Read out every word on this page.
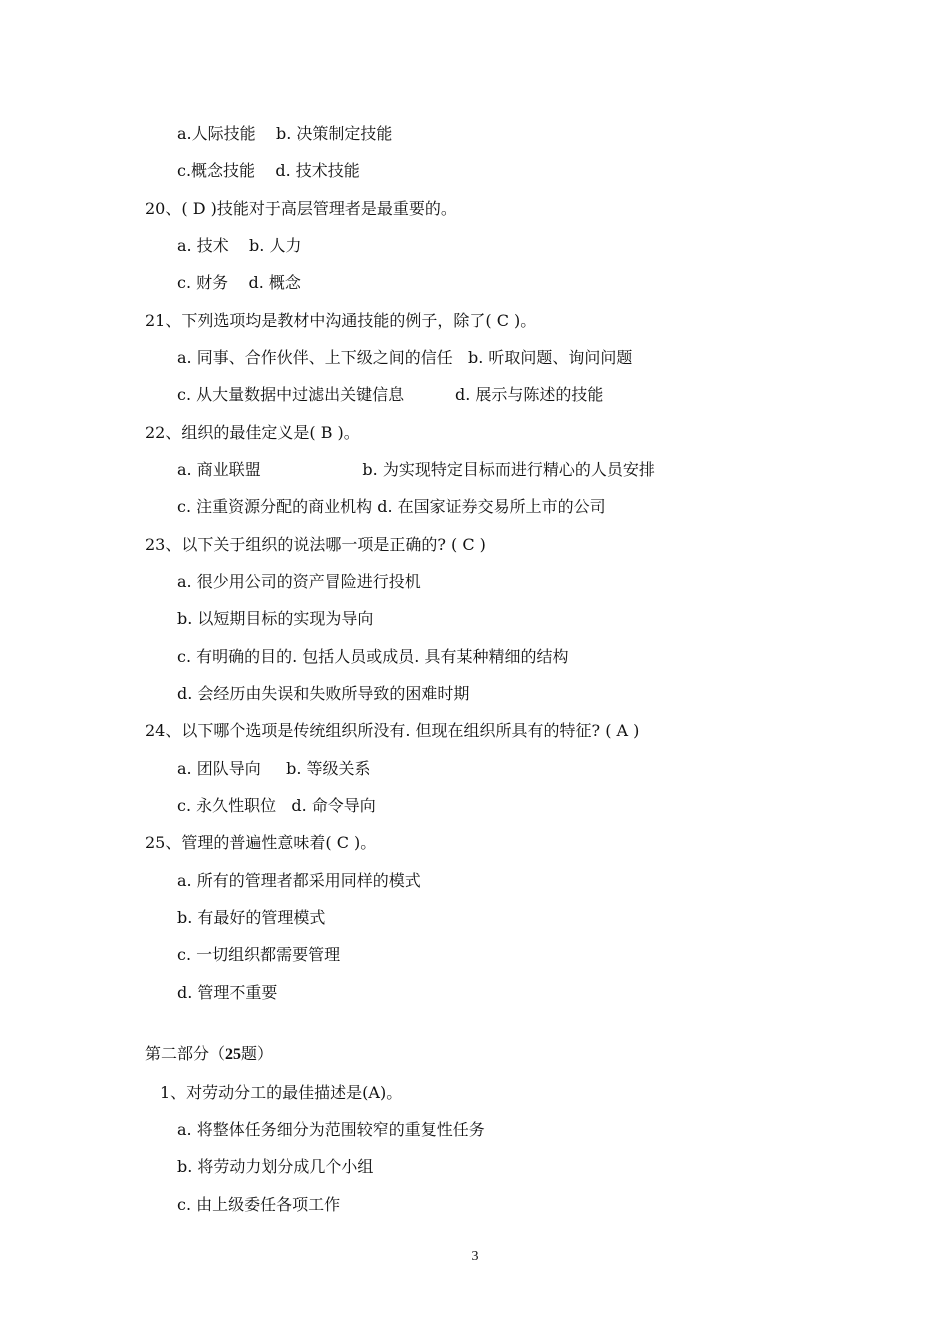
a.人际技能    b. 决策制定技能
c.概念技能    d. 技术技能
20、( D )技能对于高层管理者是最重要的。
a. 技术    b. 人力
c. 财务    d. 概念
21、下列选项均是教材中沟通技能的例子，除了( C )。
a. 同事、合作伙伴、上下级之间的信任   b. 听取问题、询问问题
c. 从大量数据中过滤出关键信息          d. 展示与陈述的技能
22、组织的最佳定义是( B )。
a. 商业联盟                    b. 为实现特定目标而进行精心的人员安排
c. 注重资源分配的商业机构 d. 在国家证券交易所上市的公司
23、以下关于组织的说法哪一项是正确的? ( C )
a. 很少用公司的资产冒险进行投机
b. 以短期目标的实现为导向
c. 有明确的目的. 包括人员或成员. 具有某种精细的结构
d. 会经历由失误和失败所导致的困难时期
24、以下哪个选项是传统组织所没有. 但现在组织所具有的特征? ( A )
a. 团队导向     b. 等级关系
c. 永久性职位   d. 命令导向
25、管理的普遍性意味着( C )。
a. 所有的管理者都采用同样的模式
b. 有最好的管理模式
c. 一切组织都需要管理
d. 管理不重要
第二部分（25题）
1、对劳动分工的最佳描述是(A)。
a. 将整体任务细分为范围较窄的重复性任务
b. 将劳动力划分成几个小组
c. 由上级委任各项工作
3
